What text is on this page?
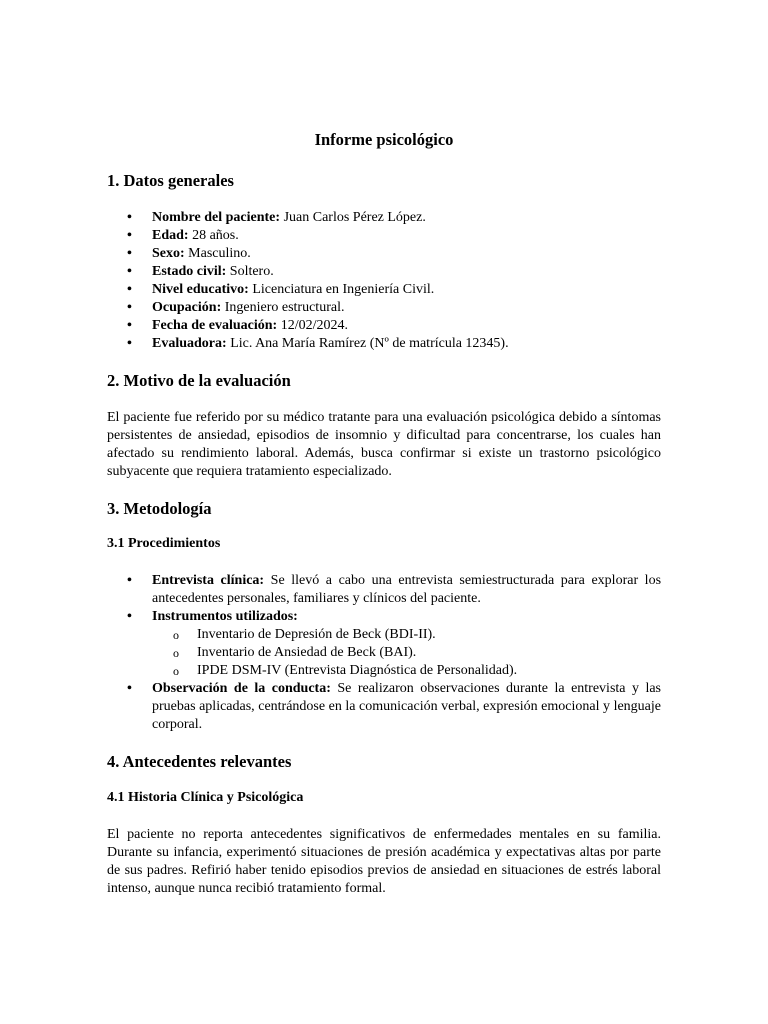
Informe psicológico
1. Datos generales
• Nombre del paciente: Juan Carlos Pérez López.
• Edad: 28 años.
• Sexo: Masculino.
• Estado civil: Soltero.
• Nivel educativo: Licenciatura en Ingeniería Civil.
• Ocupación: Ingeniero estructural.
• Fecha de evaluación: 12/02/2024.
• Evaluadora: Lic. Ana María Ramírez (Nº de matrícula 12345).
2. Motivo de la evaluación

El paciente fue referido por su médico tratante para una evaluación psicológica debido a síntomas persistentes de ansiedad, episodios de insomnio y dificultad para concentrarse, los cuales han afectado su rendimiento laboral. Además, busca confirmar si existe un trastorno psicológico subyacente que requiera tratamiento especializado.

3. Metodología
3.1 Procedimientos
• Entrevista clínica: Se llevó a cabo una entrevista semiestructurada para explorar los antecedentes personales, familiares y clínicos del paciente.
• Instrumentos utilizados:
o Inventario de Depresión de Beck (BDI-II).
o Inventario de Ansiedad de Beck (BAI).
o IPDE DSM-IV (Entrevista Diagnóstica de Personalidad).
• Observación de la conducta: Se realizaron observaciones durante la entrevista y las pruebas aplicadas, centrándose en la comunicación verbal, expresión emocional y lenguaje corporal.
4. Antecedentes relevantes
4.1 Historia Clínica y Psicológica

El paciente no reporta antecedentes significativos de enfermedades mentales en su familia. Durante su infancia, experimentó situaciones de presión académica y expectativas altas por parte de sus padres. Refirió haber tenido episodios previos de ansiedad en situaciones de estrés laboral intenso, aunque nunca recibió tratamiento formal.
